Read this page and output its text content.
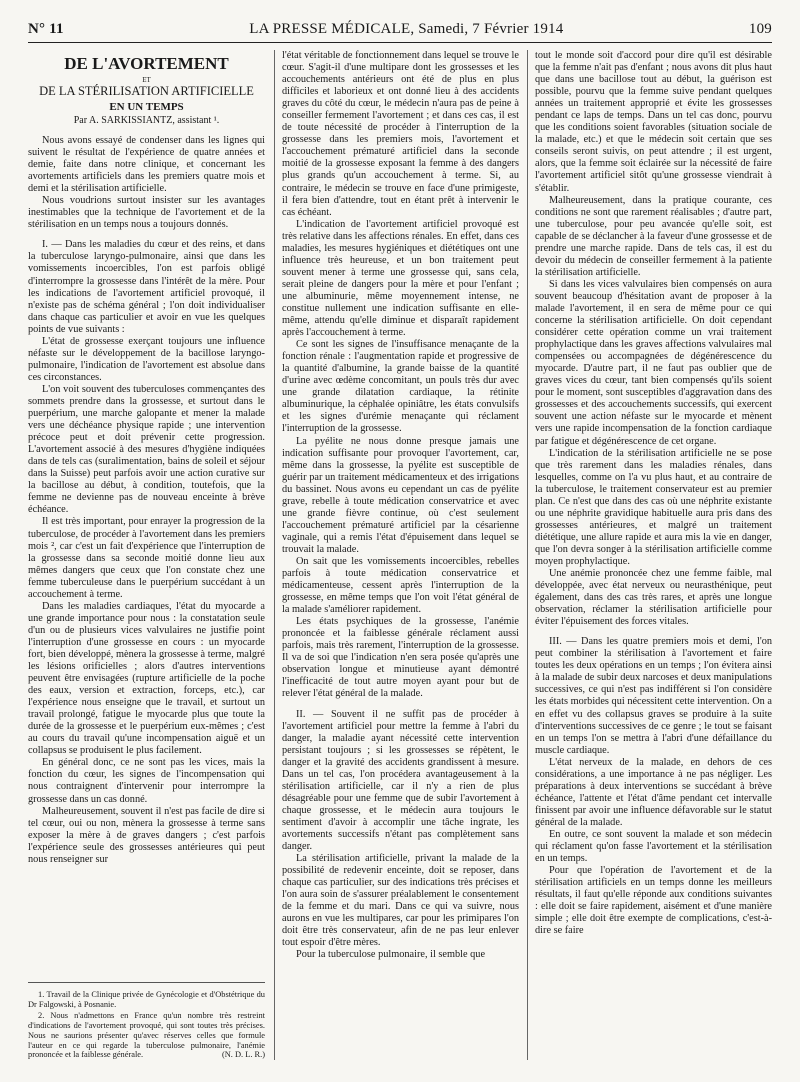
N° 11	LA PRESSE MÉDICALE, Samedi, 7 Février 1914	109
DE L'AVORTEMENT
ET
DE LA STÉRILISATION ARTIFICIELLE
EN UN TEMPS
Par A. SARKISSIANTZ, assistant ¹.

Nous avons essayé de condenser dans les lignes qui suivent le résultat de l'expérience de quatre années et demie, faite dans notre clinique, et concernant les avortements artificiels dans les premiers quatre mois et demi et la stérilisation artificielle.

Nous voudrions surtout insister sur les avantages inestimables que la technique de l'avortement et de la stérilisation en un temps nous a toujours donnés.

I. — Dans les maladies du cœur et des reins, et dans la tuberculose laryngo-pulmonaire, ainsi que dans les vomissements incoercibles, l'on est parfois obligé d'interrompre la grossesse dans l'intérêt de la mère. Pour les indications de l'avortement artificiel provoqué, il n'existe pas de schéma général ; l'on doit individualiser dans chaque cas particulier et avoir en vue les quelques points de vue suivants :

L'état de grossesse exerçant toujours une influence néfaste sur le développement de la bacillose laryngo-pulmonaire, l'indication de l'avortement est absolue dans ces circonstances.

L'on voit souvent des tuberculoses commençantes des sommets prendre dans la grossesse, et surtout dans le puerpérium, une marche galopante et mener la malade vers une déchéance physique rapide ; une intervention précoce peut et doit prévenir cette progression. L'avortement associé à des mesures d'hygiène indiquées dans de tels cas (suralimentation, bains de soleil et séjour dans la Suisse) peut parfois avoir une action curative sur la bacillose au début, à condition, toutefois, que la femme ne devienne pas de nouveau enceinte à brève échéance.

Il est très important, pour enrayer la progression de la tuberculose, de procéder à l'avortement dans les premiers mois ², car c'est un fait d'expérience que l'interruption de la grossesse dans sa seconde moitié donne lieu aux mêmes dangers que ceux que l'on constate chez une femme tuberculeuse dans le puerpérium succédant à un accouchement à terme.

Dans les maladies cardiaques, l'état du myocarde a une grande importance pour nous : la constatation seule d'un ou de plusieurs vices valvulaires ne justifie point l'interruption d'une grossesse en cours : un myocarde fort, bien développé, mènera la grossesse à terme, malgré les lésions orificielles ; alors d'autres interventions peuvent être envisagées (rupture artificielle de la poche des eaux, version et extraction, forceps, etc.), car l'expérience nous enseigne que le travail, et surtout un travail prolongé, fatigue le myocarde plus que toute la durée de la grossesse et le puerpérium eux-mêmes ; c'est au cours du travail qu'une incompensation aiguë et un collapsus se produisent le plus facilement.

En général donc, ce ne sont pas les vices, mais la fonction du cœur, les signes de l'incompensation qui nous contraignent d'intervenir pour interrompre la grossesse dans un cas donné.

Malheureusement, souvent il n'est pas facile de dire si tel cœur, oui ou non, mènera la grossesse à terme sans exposer la mère à de graves dangers ; c'est parfois l'expérience seule des grossesses antérieures qui peut nous renseigner sur

1. Travail de la Clinique privée de Gynécologie et d'Obstétrique du Dr Falgowski, à Posnanie.

2. Nous n'admettons en France qu'un nombre très restreint d'indications de l'avortement provoqué, qui sont toutes très précises. Nous ne saurions présenter qu'avec réserves celles que formule l'auteur en ce qui regarde la tuberculose pulmonaire, l'anémie prononcée et la faiblesse générale.	(N. D. L. R.)

l'état véritable de fonctionnement dans lequel se trouve le cœur. S'agit-il d'une multipare dont les grossesses et les accouchements antérieurs ont été de plus en plus difficiles et laborieux et ont donné lieu à des accidents graves du côté du cœur, le médecin n'aura pas de peine à conseiller fermement l'avortement ; et dans ces cas, il est de toute nécessité de procéder à l'interruption de la grossesse dans les premiers mois, l'avortement et l'accouchement prématuré artificiel dans la seconde moitié de la grossesse exposant la femme à des dangers plus grands qu'un accouchement à terme. Si, au contraire, le médecin se trouve en face d'une primigeste, il fera bien d'attendre, tout en étant prêt à intervenir le cas échéant.

L'indication de l'avortement artificiel provoqué est très relative dans les affections rénales. En effet, dans ces maladies, les mesures hygiéniques et diététiques ont une influence très heureuse, et un bon traitement peut souvent mener à terme une grossesse qui, sans cela, serait pleine de dangers pour la mère et pour l'enfant ; une albuminurie, même moyennement intense, ne constitue nullement une indication suffisante en elle-même, attendu qu'elle diminue et disparaît rapidement après l'accouchement à terme.

Ce sont les signes de l'insuffisance menaçante de la fonction rénale : l'augmentation rapide et progressive de la quantité d'albumine, la grande baisse de la quantité d'urine avec œdème concomitant, un pouls très dur avec une grande dilatation cardiaque, la rétinite albuminurique, la céphalée opiniâtre, les états convulsifs et les signes d'urémie menaçante qui réclament l'interruption de la grossesse.

La pyélite ne nous donne presque jamais une indication suffisante pour provoquer l'avortement, car, même dans la grossesse, la pyélite est susceptible de guérir par un traitement médicamenteux et des irrigations du bassinet. Nous avons eu cependant un cas de pyélite grave, rebelle à toute médication conservatrice et avec une grande fièvre continue, où c'est seulement l'accouchement prématuré artificiel par la césarienne vaginale, qui a remis l'état d'épuisement dans lequel se trouvait la malade.

On sait que les vomissements incoercibles, rebelles parfois à toute médication conservatrice et médicamenteuse, cessent après l'interruption de la grossesse, en même temps que l'on voit l'état général de la malade s'améliorer rapidement.

Les états psychiques de la grossesse, l'anémie prononcée et la faiblesse générale réclament aussi parfois, mais très rarement, l'interruption de la grossesse. Il va de soi que l'indication n'en sera posée qu'après une observation longue et minutieuse ayant démontré l'inefficacité de tout autre moyen ayant pour but de relever l'état général de la malade.

II. — Souvent il ne suffit pas de procéder à l'avortement artificiel pour mettre la femme à l'abri du danger, la maladie ayant nécessité cette intervention persistant toujours ; si les grossesses se répètent, le danger et la gravité des accidents grandissent à mesure. Dans un tel cas, l'on procédera avantageusement à la stérilisation artificielle, car il n'y a rien de plus désagréable pour une femme que de subir l'avortement à chaque grossesse, et le médecin aura toujours le sentiment d'avoir à accomplir une tâche ingrate, les avortements successifs n'étant pas complètement sans danger.

La stérilisation artificielle, privant la malade de la possibilité de redevenir enceinte, doit se reposer, dans chaque cas particulier, sur des indications très précises et l'on aura soin de s'assurer préalablement le consentement de la femme et du mari. Dans ce qui va suivre, nous aurons en vue les multipares, car pour les primipares l'on doit être très conservateur, afin de ne pas leur enlever tout espoir d'être mères.

Pour la tuberculose pulmonaire, il semble que

tout le monde soit d'accord pour dire qu'il est désirable que la femme n'ait pas d'enfant ; nous avons dit plus haut que dans une bacillose tout au début, la guérison est possible, pourvu que la femme suive pendant quelques années un traitement approprié et évite les grossesses pendant ce laps de temps. Dans un tel cas donc, pourvu que les conditions soient favorables (situation sociale de la malade, etc.) et que le médecin soit certain que ses conseils seront suivis, on peut attendre ; il est urgent, alors, que la femme soit éclairée sur la nécessité de faire l'avortement artificiel sitôt qu'une grossesse viendrait à s'établir.

Malheureusement, dans la pratique courante, ces conditions ne sont que rarement réalisables ; d'autre part, une tuberculose, pour peu avancée qu'elle soit, est capable de se déclancher à la faveur d'une grossesse et de prendre une marche rapide. Dans de tels cas, il est du devoir du médecin de conseiller fermement à la patiente la stérilisation artificielle.

Si dans les vices valvulaires bien compensés on aura souvent beaucoup d'hésitation avant de proposer à la malade l'avortement, il en sera de même pour ce qui concerne la stérilisation artificielle. On doit cependant considérer cette opération comme un vrai traitement prophylactique dans les graves affections valvulaires mal compensées ou accompagnées de dégénérescence du myocarde. D'autre part, il ne faut pas oublier que de graves vices du cœur, tant bien compensés qu'ils soient pour le moment, sont susceptibles d'aggravation dans des grossesses et des accouchements successifs, qui exercent souvent une action néfaste sur le myocarde et mènent vers une rapide incompensation de la fonction cardiaque par fatigue et dégénérescence de cet organe.

L'indication de la stérilisation artificielle ne se pose que très rarement dans les maladies rénales, dans lesquelles, comme on l'a vu plus haut, et au contraire de la tuberculose, le traitement conservateur est au premier plan. Ce n'est que dans des cas où une néphrite existante ou une néphrite gravidique habituelle aura pris dans des grossesses antérieures, et malgré un traitement diététique, une allure rapide et aura mis la vie en danger, que l'on devra songer à la stérilisation artificielle comme moyen prophylactique.

Une anémie prononcée chez une femme faible, mal développée, avec état nerveux ou neurasthénique, peut également, dans des cas très rares, et après une longue observation, réclamer la stérilisation artificielle pour éviter l'épuisement des forces vitales.

III. — Dans les quatre premiers mois et demi, l'on peut combiner la stérilisation à l'avortement et faire toutes les deux opérations en un temps ; l'on évitera ainsi à la malade de subir deux narcoses et deux manipulations successives, ce qui n'est pas indifférent si l'on considère les états morbides qui nécessitent cette intervention. On a en effet vu des collapsus graves se produire à la suite d'interventions successives de ce genre ; le tout se faisant en un temps l'on se mettra à l'abri d'une défaillance du muscle cardiaque.

L'état nerveux de la malade, en dehors de ces considérations, a une importance à ne pas négliger. Les préparations à deux interventions se succédant à brève échéance, l'attente et l'état d'âme pendant cet intervalle finissent par avoir une influence défavorable sur le statut général de la malade.

En outre, ce sont souvent la malade et son médecin qui réclament qu'on fasse l'avortement et la stérilisation en un temps.

Pour que l'opération de l'avortement et de la stérilisation artificiels en un temps donne les meilleurs résultats, il faut qu'elle réponde aux conditions suivantes : elle doit se faire rapidement, aisément et d'une manière simple ; elle doit être exempte de complications, c'est-à-dire se faire
